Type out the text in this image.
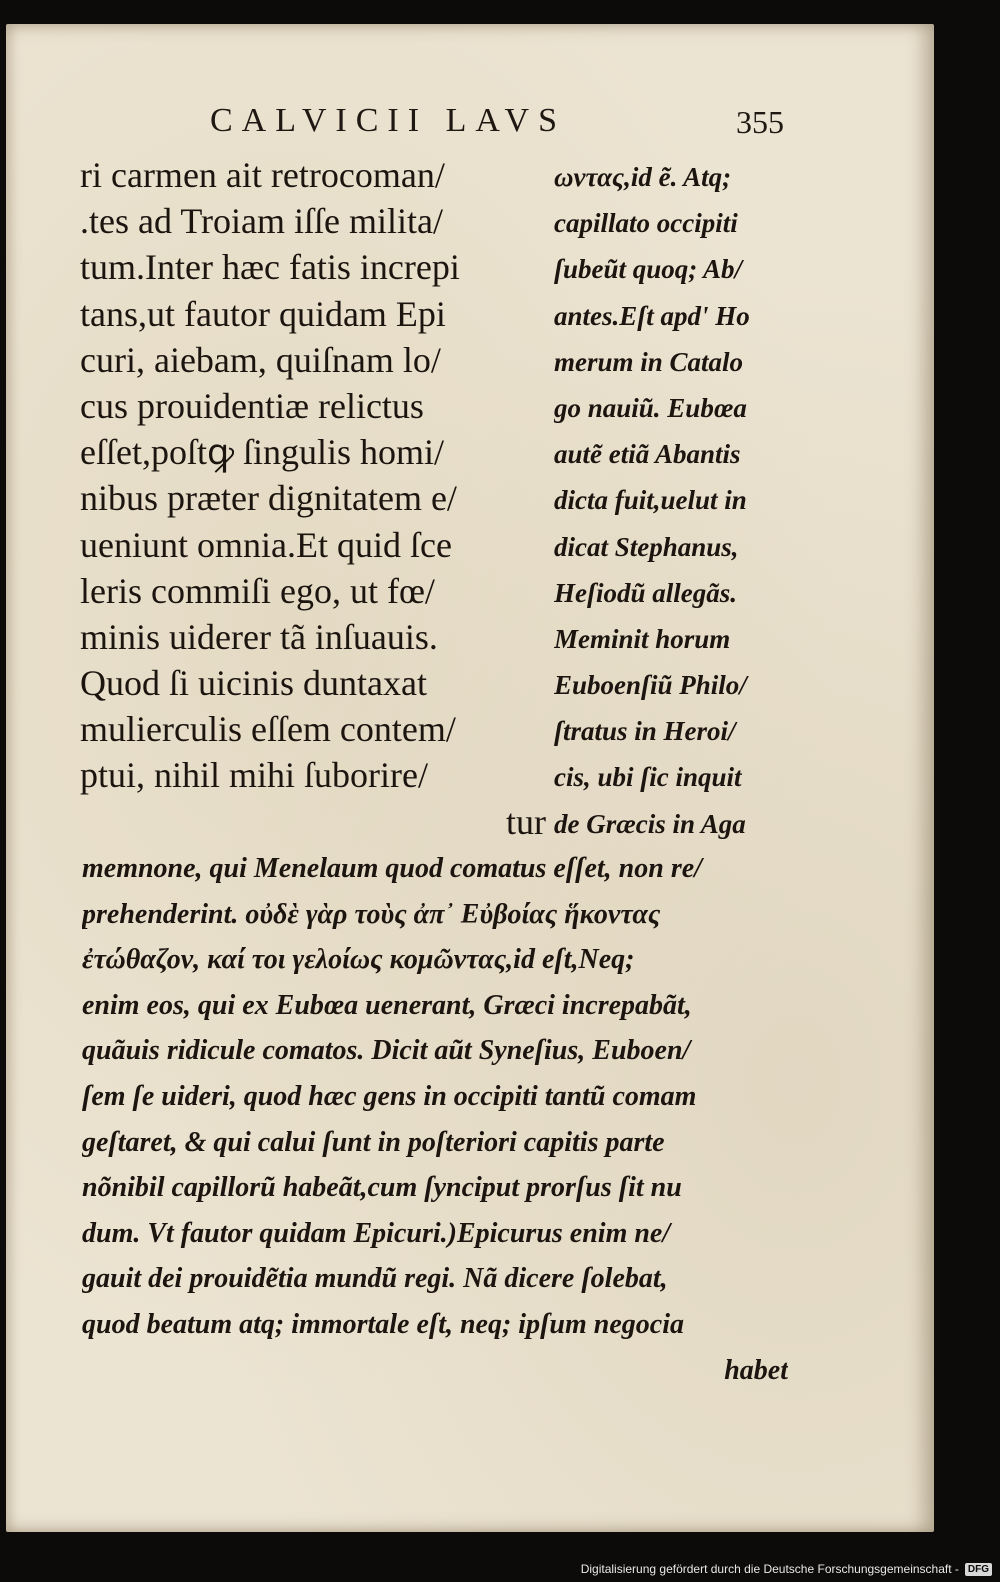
CALVICII LAVS	355
ri carmen ait retrocoman/
.tes ad Troiam iſſe milita/
tum.Inter hæc fatis increpi
tans,ut fautor quidam Epi
curi, aiebam, quiſnam lo/
cus prouidentiæ relictus
eſſet,poſtꝙ ſingulis homi/
nibus præter dignitatem e/
ueniunt omnia.Et quid ſce
leris commiſi ego, ut fœ/
minis uiderer tã inſuauis.
Quod ſi uicinis duntaxat
mulierculis eſſem contem/
ptui, nihil mihi ſuborire/
tur
ωντας,id ẽ. Atq;
capillato occipiti
ſubeũt quoq; Ab/
antes.Eſt apd' Ho
merum in Catalo
go nauiũ. Eubœa
autẽ etiã Abantis
dicta fuit,uelut in
dicat Stephanus,
Heſiodũ allegãs.
Meminit horum
Euboenſiũ Philo/
ſtratus in Heroi/
cis, ubi ſic inquit
de Græcis in Aga
memnone, qui Menelaum quod comatus eſſet, non re/
prehenderint. οὐδὲ γὰρ τοὺς ἀπ᾽ Εὐβοίας ἥκοντας
ἐτώθαζον, καί τοι γελοίως κομῶντας,id eſt,Neq;
enim eos, qui ex Eubœa uenerant, Græci increpabãt,
quãuis ridicule comatos. Dicit aũt Syneſius, Euboen/
ſem ſe uideri, quod hæc gens in occipiti tantũ comam
geſtaret, & qui calui ſunt in poſteriori capitis parte
nõnibil capillorũ habeãt,cum ſynciput prorſus ſit nu
dum. Vt fautor quidam Epicuri.)Epicurus enim ne/
gauit dei prouidẽtia mundũ regi. Nã dicere ſolebat,
quod beatum atq; immortale eſt, neq; ipſum negocia
habet
Digitalisierung gefördert durch die Deutsche Forschungsgemeinschaft - DFG
